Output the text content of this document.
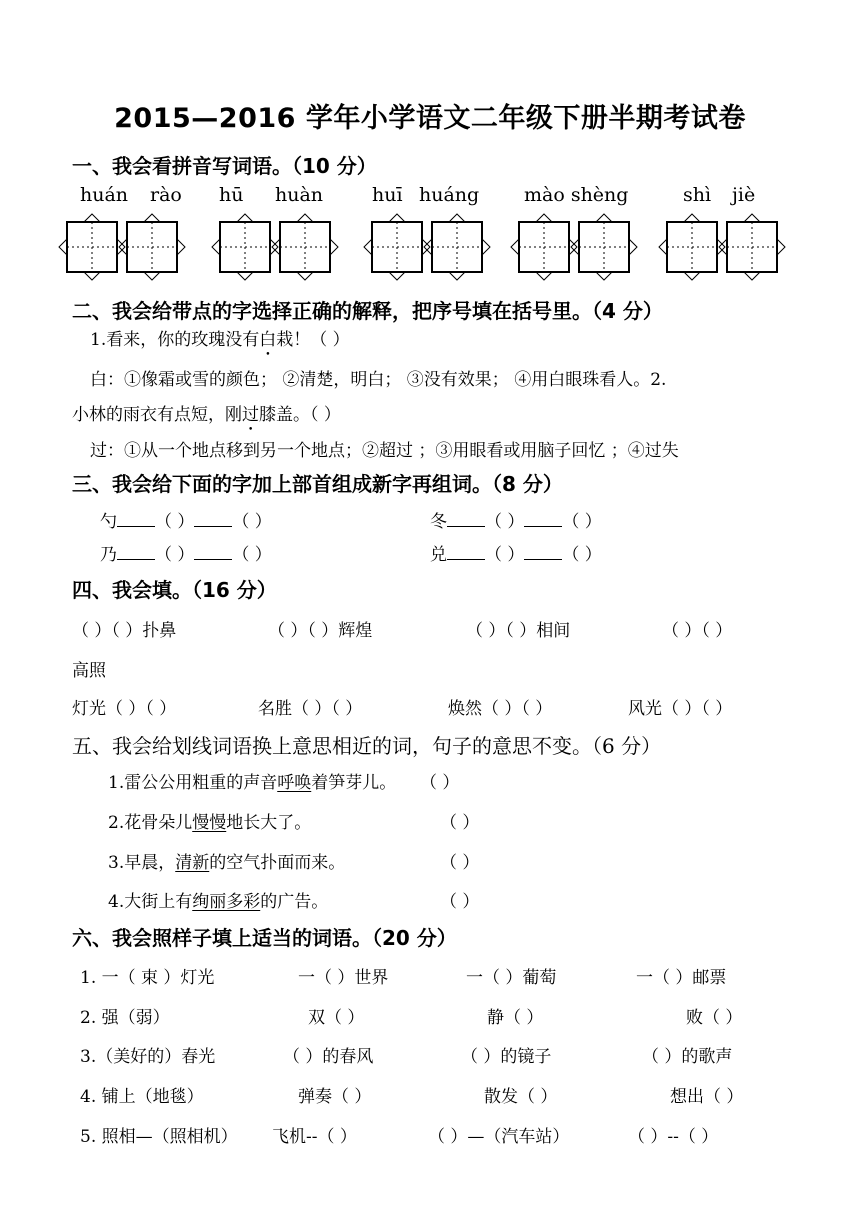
2015—2016 学年小学语文二年级下册半期考试卷
一、我会看拼音写词语。（10 分）
huán rào hū huàn	huī huáng mào shèng	shì jiè
二、我会给带点的字选择正确的解释，把序号填在括号里。（4 分）
1.看来，你的玫瑰没有白栽！（ ）
白：①像霜或雪的颜色； ②清楚，明白； ③没有效果； ④用白眼珠看人。2.
小林的雨衣有点短，刚过膝盖。（ ）
过：①从一个地点移到另一个地点；②超过 ；③用眼看或用脑子回忆 ；④过失
三、我会给下面的字加上部首组成新字再组词。（8 分）
勺 （ ） （ ）	冬 （ ） （ ）
乃 （ ） （ ）	兑 （ ） （ ）
四、我会填。（16 分）
（ ）（ ）扑鼻	（ ）（ ）辉煌	（ ）（ ）相间	（ ）（ ）
高照
灯光（ ）（ ）	名胜（ ）（ ）	焕然（ ）（ ）	风光（ ）（ ）
五、我会给划线词语换上意思相近的词，句子的意思不变。（6 分）
1.雷公公用粗重的声音呼唤着笋芽儿。 （ ）
2.花骨朵儿慢慢地长大了。	（ ）
3.早晨，清新的空气扑面而来。	（ ）
4.大街上有绚丽多彩的广告。	（ ）
六、我会照样子填上适当的词语。（20 分）
1. 一（ 束 ）灯光	一（ ）世界	一（ ）葡萄	一（ ）邮票
2. 强（弱）	双（ ）	静（ ）	败（ ）
3.（美好的）春光	（ ）的春风	（ ）的镜子	（ ）的歌声
4. 铺上（地毯）	弹奏（ ）	散发（ ）	想出（ ）
5. 照相—（照相机） 飞机--（ ）	（ ）—（汽车站）	（ ）--（ ）
